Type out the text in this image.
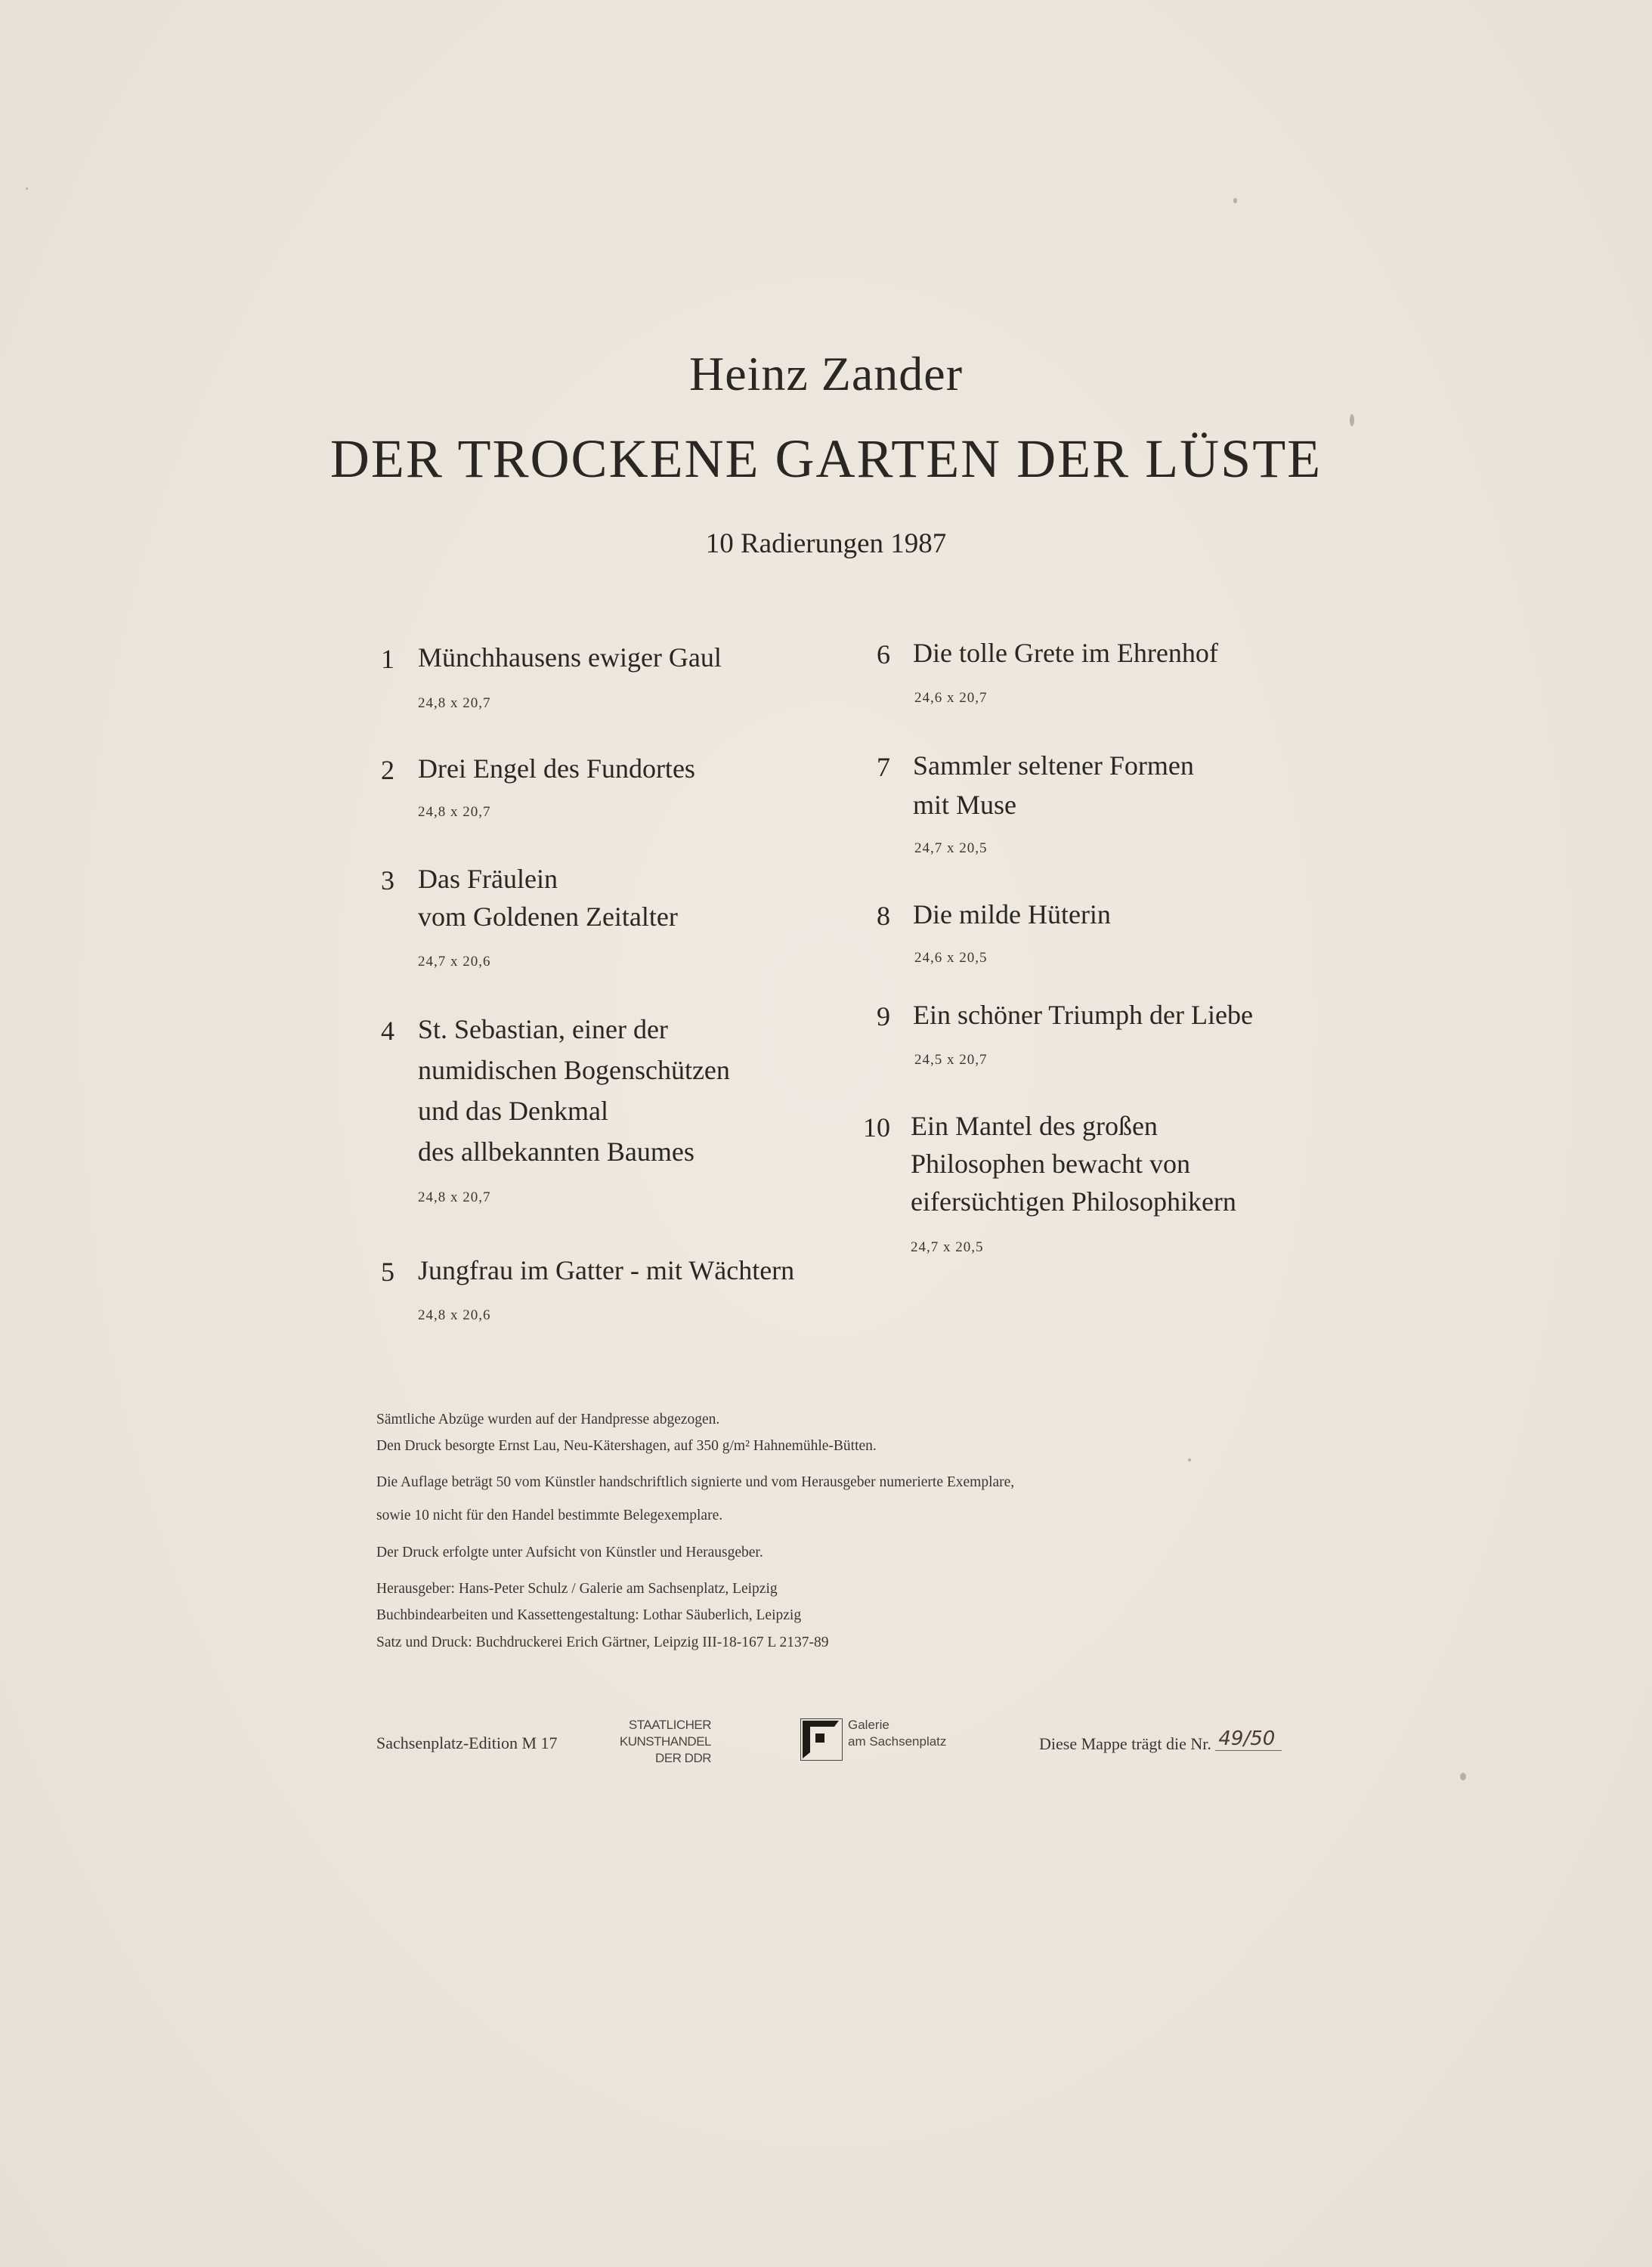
Heinz Zander
DER TROCKENE GARTEN DER LÜSTE
10 Radierungen 1987
1 Münchhausens ewiger Gaul
24,8 x 20,7
2 Drei Engel des Fundortes
24,8 x 20,7
3 Das Fräulein
vom Goldenen Zeitalter
24,7 x 20,6
4 St. Sebastian, einer der
numidischen Bogenschützen
und das Denkmal
des allbekannten Baumes
24,8 x 20,7
5 Jungfrau im Gatter - mit Wächtern
24,8 x 20,6
6 Die tolle Grete im Ehrenhof
24,6 x 20,7
7 Sammler seltener Formen
mit Muse
24,7 x 20,5
8 Die milde Hüterin
24,6 x 20,5
9 Ein schöner Triumph der Liebe
24,5 x 20,7
10 Ein Mantel des großen
Philosophen bewacht von
eifersüchtigen Philosophikern
24,7 x 20,5
Sämtliche Abzüge wurden auf der Handpresse abgezogen.
Den Druck besorgte Ernst Lau, Neu-Kätershagen, auf 350 g/m² Hahnemühle-Bütten.
Die Auflage beträgt 50 vom Künstler handschriftlich signierte und vom Herausgeber numerierte Exemplare,
sowie 10 nicht für den Handel bestimmte Belegexemplare.
Der Druck erfolgte unter Aufsicht von Künstler und Herausgeber.
Herausgeber: Hans-Peter Schulz / Galerie am Sachsenplatz, Leipzig
Buchbindearbeiten und Kassettengestaltung: Lothar Säuberlich, Leipzig
Satz und Druck: Buchdruckerei Erich Gärtner, Leipzig III-18-167 L 2137-89
Sachsenplatz-Edition M 17
STAATLICHER
KUNSTHANDEL
DER DDR
Galerie
am Sachsenplatz	Diese Mappe trägt die Nr. 49/50
